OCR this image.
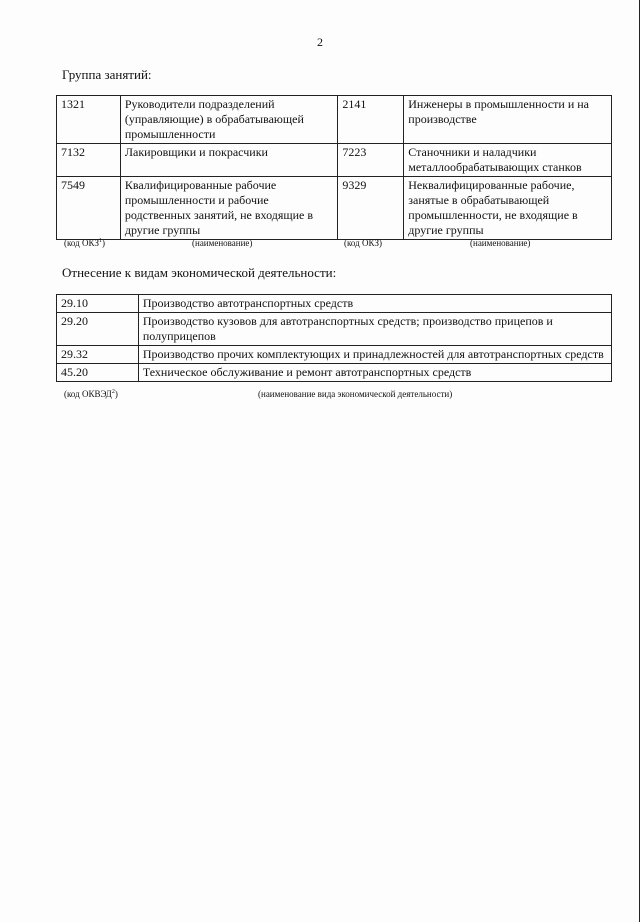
2
Группа занятий:
1321	Руководители подразделений (управляющие) в обрабатывающей промышленности	2141	Инженеры в промышленности и на производстве
7132	Лакировщики и покрасчики	7223	Станочники и наладчики металлообрабатывающих станков
7549	Квалифицированные рабочие промышленности и рабочие родственных занятий, не входящие в другие группы	9329	Неквалифицированные рабочие, занятые в обрабатывающей промышленности, не входящие в другие группы
(код ОКЗ$^1$)	(наименование)	(код ОКЗ)	(наименование)
Отнесение к видам экономической деятельности:
29.10	Производство автотранспортных средств
29.20	Производство кузовов для автотранспортных средств; производство прицепов и полуприцепов
29.32	Производство прочих комплектующих и принадлежностей для автотранспортных средств
45.20	Техническое обслуживание и ремонт автотранспортных средств
(код ОКВЭД$^2$)	(наименование вида экономической деятельности)
